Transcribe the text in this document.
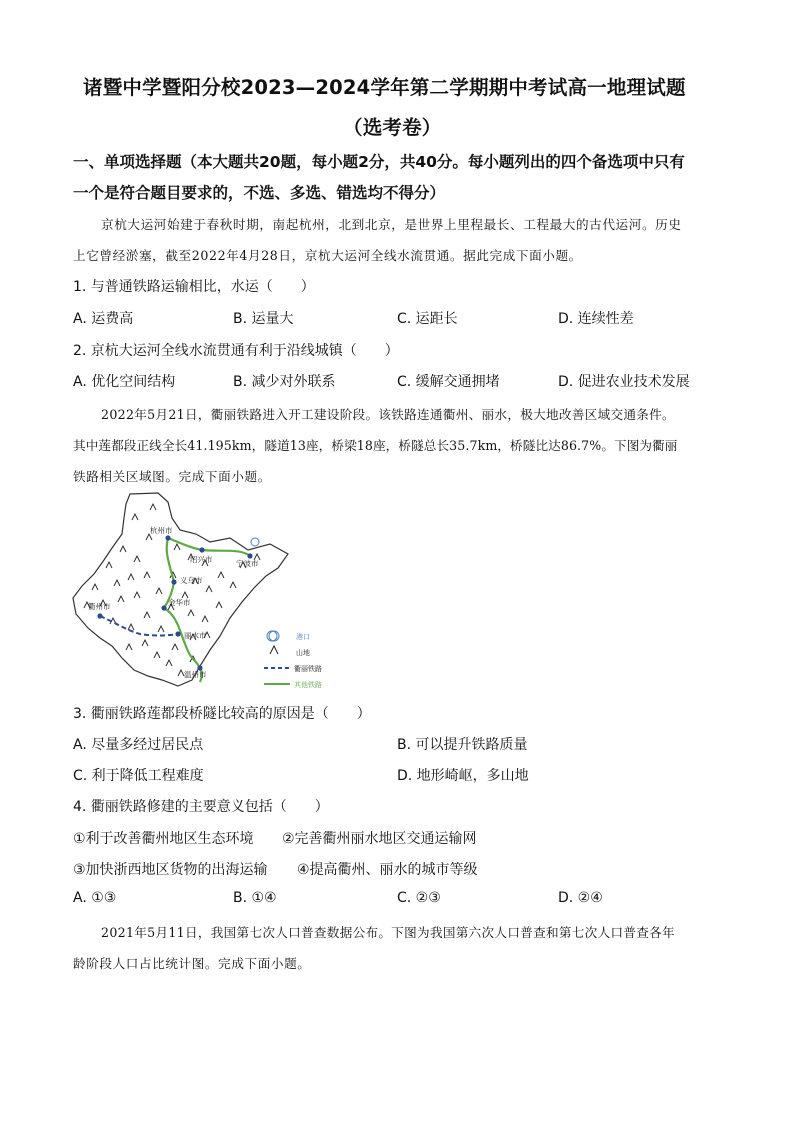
诸暨中学暨阳分校2023—2024学年第二学期期中考试高一地理试题
（选考卷）
一、单项选择题（本大题共20题，每小题2分，共40分。每小题列出的四个备选项中只有
一个是符合题目要求的，不选、多选、错选均不得分）
京杭大运河始建于春秋时期，南起杭州，北到北京，是世界上里程最长、工程最大的古代运河。历史
上它曾经淤塞，截至2022年4月28日，京杭大运河全线水流贯通。据此完成下面小题。
1. 与普通铁路运输相比，水运（　　）
A. 运费高	B. 运量大	C. 运距长	D. 连续性差
2. 京杭大运河全线水流贯通有利于沿线城镇（　　）
A. 优化空间结构	B. 减少对外联系	C. 缓解交通拥堵	D. 促进农业技术发展
2022年5月21日，衢丽铁路进入开工建设阶段。该铁路连通衢州、丽水，极大地改善区域交通条件。
其中莲都段正线全长41.195km，隧道13座，桥梁18座，桥隧总长35.7km，桥隧比达86.7%。下图为衢丽
铁路相关区域图。完成下面小题。
杭州市
绍兴市	宁波市
义乌市
金华市
衢州市
丽水市
温州市
港口
山地
衢丽铁路
其他铁路
3. 衢丽铁路莲都段桥隧比较高的原因是（　　）
A. 尽量多经过居民点	B. 可以提升铁路质量
C. 利于降低工程难度	D. 地形崎岖，多山地
4. 衢丽铁路修建的主要意义包括（　　）
①利于改善衢州地区生态环境 ②完善衢州丽水地区交通运输网
③加快浙西地区货物的出海运输 ④提高衢州、丽水的城市等级
A. ①③	B. ①④	C. ②③	D. ②④
2021年5月11日，我国第七次人口普查数据公布。下图为我国第六次人口普查和第七次人口普查各年
龄阶段人口占比统计图。完成下面小题。
